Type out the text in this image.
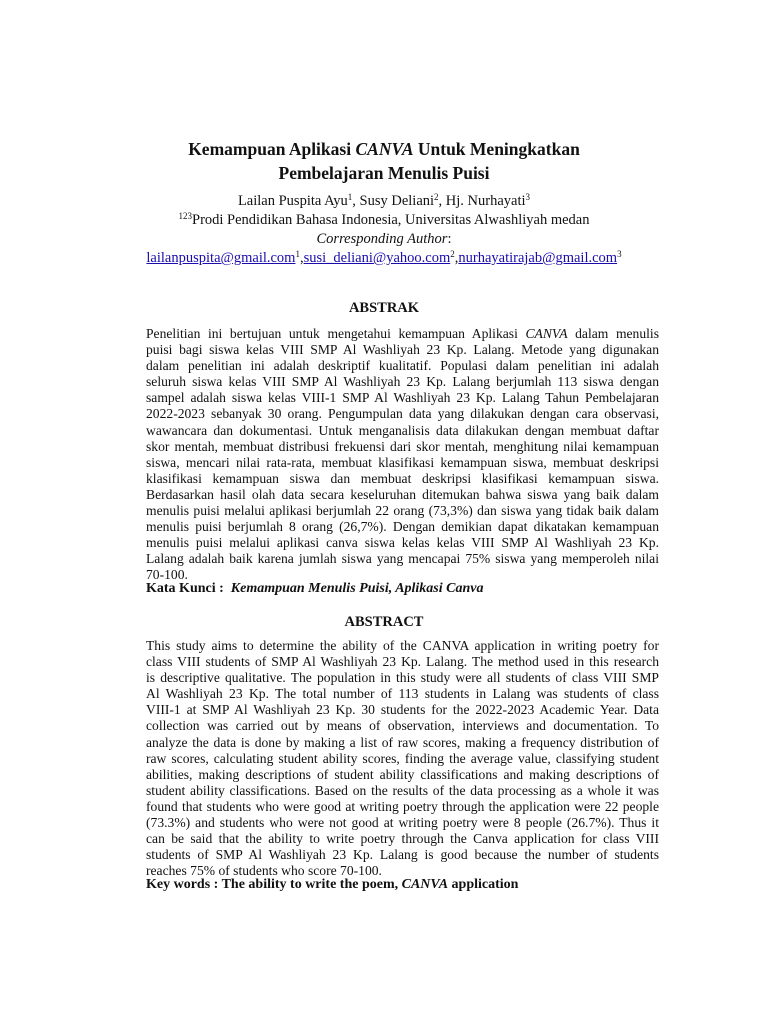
Kemampuan Aplikasi CANVA Untuk Meningkatkan
Pembelajaran Menulis Puisi
Lailan Puspita Ayu$^1$, Susy Deliani$^2$, Hj. Nurhayati$^3$
$^{123}$Prodi Pendidikan Bahasa Indonesia, Universitas Alwashliyah medan
Corresponding Author:
lailanpuspita@gmail.com$^1$,susi_deliani@yahoo.com$^2$,nurhayatirajab@gmail.com$^3$
ABSTRAK
Penelitian ini bertujuan untuk mengetahui kemampuan Aplikasi CANVA dalam menulis
puisi bagi siswa kelas VIII SMP Al Washliyah 23 Kp. Lalang. Metode yang digunakan
dalam penelitian ini adalah deskriptif kualitatif. Populasi dalam penelitian ini adalah
seluruh siswa kelas VIII SMP Al Washliyah 23 Kp. Lalang berjumlah 113 siswa dengan
sampel adalah siswa kelas VIII-1 SMP Al Washliyah 23 Kp. Lalang Tahun Pembelajaran
2022-2023 sebanyak 30 orang. Pengumpulan data yang dilakukan dengan cara observasi,
wawancara dan dokumentasi. Untuk menganalisis data dilakukan dengan membuat daftar
skor mentah, membuat distribusi frekuensi dari skor mentah, menghitung nilai kemampuan
siswa, mencari nilai rata-rata, membuat klasifikasi kemampuan siswa, membuat deskripsi
klasifikasi kemampuan siswa dan membuat deskripsi klasifikasi kemampuan siswa.
Berdasarkan hasil olah data secara keseluruhan ditemukan bahwa siswa yang baik dalam
menulis puisi melalui aplikasi berjumlah 22 orang (73,3%) dan siswa yang tidak baik dalam
menulis puisi berjumlah 8 orang (26,7%). Dengan demikian dapat dikatakan kemampuan
menulis puisi melalui aplikasi canva siswa kelas kelas VIII SMP Al Washliyah 23 Kp.
Lalang adalah baik karena jumlah siswa yang mencapai 75% siswa yang memperoleh nilai
70-100.
Kata Kunci : Kemampuan Menulis Puisi, Aplikasi Canva
ABSTRACT
This study aims to determine the ability of the CANVA application in writing poetry for
class VIII students of SMP Al Washliyah 23 Kp. Lalang. The method used in this research
is descriptive qualitative. The population in this study were all students of class VIII SMP
Al Washliyah 23 Kp. The total number of 113 students in Lalang was students of class
VIII-1 at SMP Al Washliyah 23 Kp. 30 students for the 2022-2023 Academic Year. Data
collection was carried out by means of observation, interviews and documentation. To
analyze the data is done by making a list of raw scores, making a frequency distribution of
raw scores, calculating student ability scores, finding the average value, classifying student
abilities, making descriptions of student ability classifications and making descriptions of
student ability classifications. Based on the results of the data processing as a whole it was
found that students who were good at writing poetry through the application were 22 people
(73.3%) and students who were not good at writing poetry were 8 people (26.7%). Thus it
can be said that the ability to write poetry through the Canva application for class VIII
students of SMP Al Washliyah 23 Kp. Lalang is good because the number of students
reaches 75% of students who score 70-100.
Key words : The ability to write the poem, CANVA application
